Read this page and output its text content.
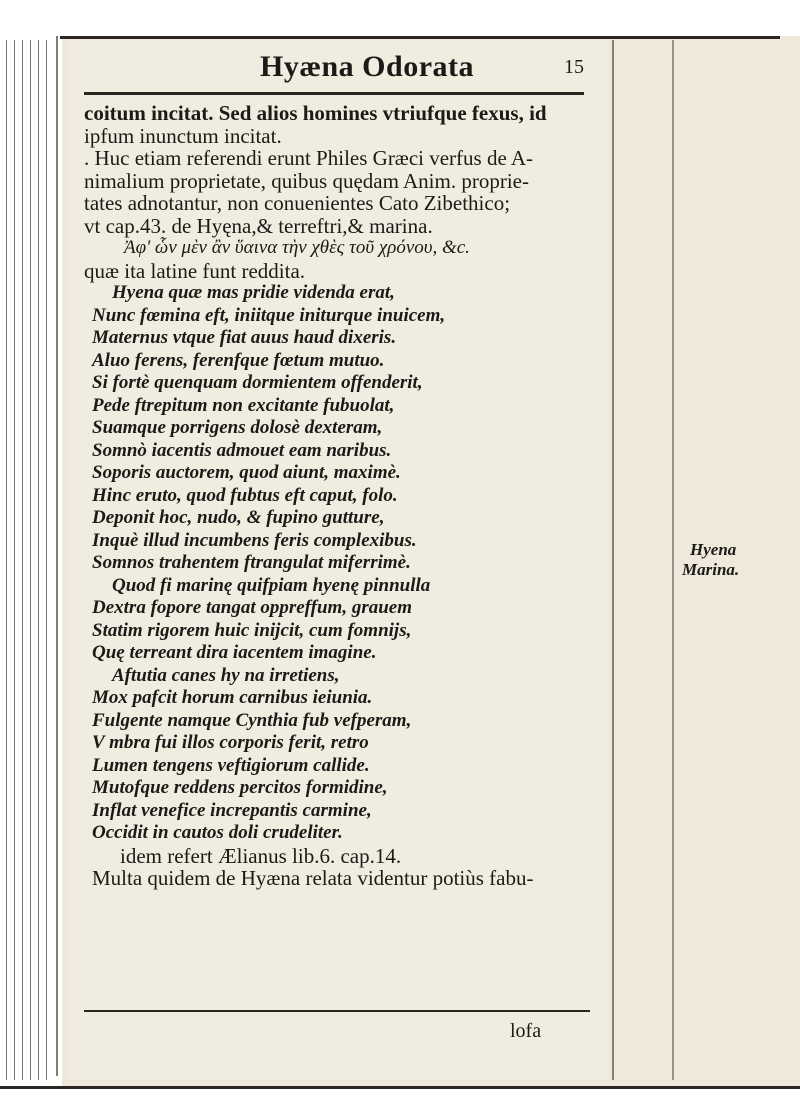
Hyæna Odorata	15
coitum incitat. Sed alios homines vtriufque fexus, id
ipfum inunctum incitat.
. Huc etiam referendi erunt Philes Græci verfus de A-
nimalium proprietate, quibus quędam Anim. proprie-
tates adnotantur, non conuenientes Cato Zibethico;
vt cap.43. de Hyęna,& terreftri,& marina.
Ἀφ' ὧν μὲν ἂν ὕαινα τὴν χθὲς τοῦ χρόνου, &c.
quæ ita latine funt reddita.
Hyena quæ mas pridie videnda erat,
Nunc fœmina eft, iniitque initurque inuicem,
Maternus vtque fiat auus haud dixeris.
Aluo ferens, ferenfque fœtum mutuo.
Si fortè quenquam dormientem offenderit,
Pede ftrepitum non excitante fubuolat,
Suamque porrigens dolosè dexteram,
Somnò iacentis admouet eam naribus.
Soporis auctorem, quod aiunt, maximè.
Hinc eruto, quod fubtus eft caput, folo.
Deponit hoc, nudo, & fupino gutture,
Inquè illud incumbens feris complexibus.
Somnos trahentem ftrangulat miferrimè.
Quod fi marinę quifpiam hyenę pinnulla
Dextra fopore tangat oppreffum, grauem
Statim rigorem huic inijcit, cum fomnijs,
Quę terreant dira iacentem imagine.
Aftutia canes hy na irretiens,
Mox pafcit horum carnibus ieiunia.
Fulgente namque Cynthia fub vefperam,
V mbra fui illos corporis ferit, retro
Lumen tengens veftigiorum callide.
Mutofque reddens percitos formidine,
Inflat venefice increpantis carmine,
Occidit in cautos doli crudeliter.
idem refert Ælianus lib.6. cap.14.
Multa quidem de Hyæna relata videntur potiùs fabu-
lofa
Hyena
Marina.
